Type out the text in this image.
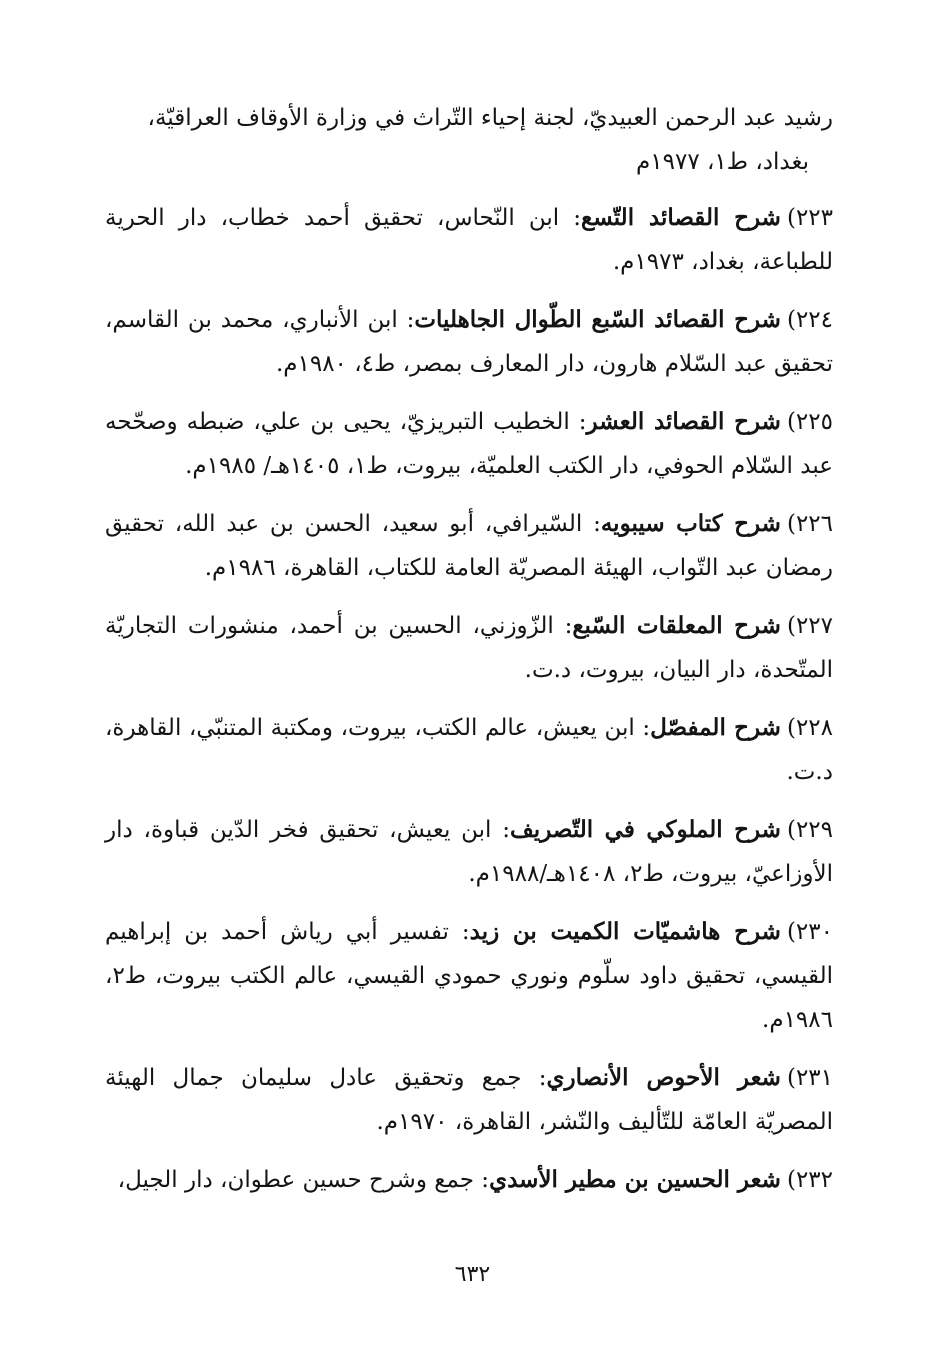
رشيد عبد الرحمن العبيديّ، لجنة إحياء التّراث في وزارة الأوقاف العراقيّة،
بغداد، ط١، ١٩٧٧م
٢٢٣)شرح القصائد التّسع: ابن النّحاس، تحقيق أحمد خطاب، دار الحرية للطباعة، بغداد، ١٩٧٣م.
٢٢٤)شرح القصائد السّبع الطّوال الجاهليات: ابن الأنباري، محمد بن القاسم، تحقيق عبد السّلام هارون، دار المعارف بمصر، ط٤، ١٩٨٠م.
٢٢٥)شرح القصائد العشر: الخطيب التبريزيّ، يحيى بن علي، ضبطه وصحّحه عبد السّلام الحوفي، دار الكتب العلميّة، بيروت، ط١، ١٤٠٥هـ/ ١٩٨٥م.
٢٢٦)شرح كتاب سيبويه: السّيرافي، أبو سعيد، الحسن بن عبد الله، تحقيق رمضان عبد التّواب، الهيئة المصريّة العامة للكتاب، القاهرة، ١٩٨٦م.
٢٢٧)شرح المعلقات السّبع: الزّوزني، الحسين بن أحمد، منشورات التجاريّة المتّحدة، دار البيان، بيروت، د.ت.
٢٢٨)شرح المفصّل: ابن يعيش، عالم الكتب، بيروت، ومكتبة المتنبّي، القاهرة، د.ت.
٢٢٩)شرح الملوكي في التّصريف: ابن يعيش، تحقيق فخر الدّين قباوة، دار الأوزاعيّ، بيروت، ط٢، ١٤٠٨هـ/١٩٨٨م.
٢٣٠)شرح هاشميّات الكميت بن زيد: تفسير أبي رياش أحمد بن إبراهيم القيسي، تحقيق داود سلّوم ونوري حمودي القيسي، عالم الكتب بيروت، ط٢، ١٩٨٦م.
٢٣١)شعر الأحوص الأنصاري: جمع وتحقيق عادل سليمان جمال الهيئة المصريّة العامّة للتّأليف والنّشر، القاهرة، ١٩٧٠م.
٢٣٢)شعر الحسين بن مطير الأسدي: جمع وشرح حسين عطوان، دار الجيل،
٦٣٢
